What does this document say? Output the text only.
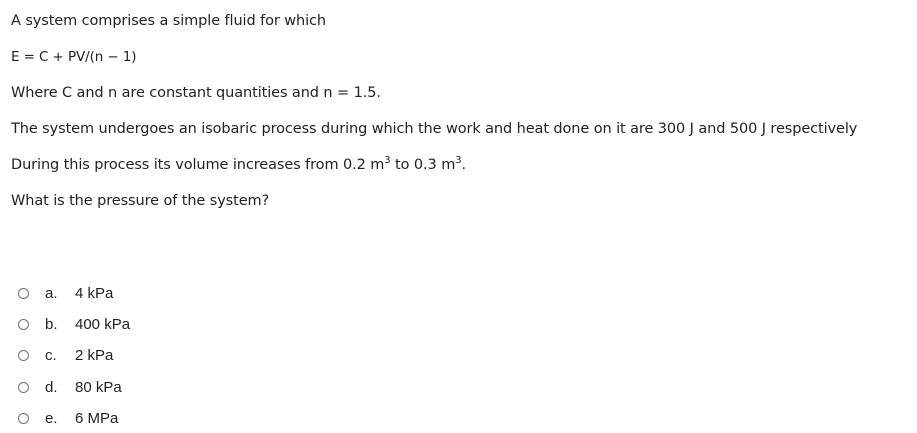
A system comprises a simple fluid for which
E = C + PV/(n − 1)
Where C and n are constant quantities and n = 1.5.
The system undergoes an isobaric process during which the work and heat done on it are 300 J and 500 J respectively
During this process its volume increases from 0.2 $m^3$ to 0.3 $m^3$.
What is the pressure of the system?
a.	4 kPa
b.	400 kPa
c.	2 kPa
d.	80 kPa
e.	6 MPa
